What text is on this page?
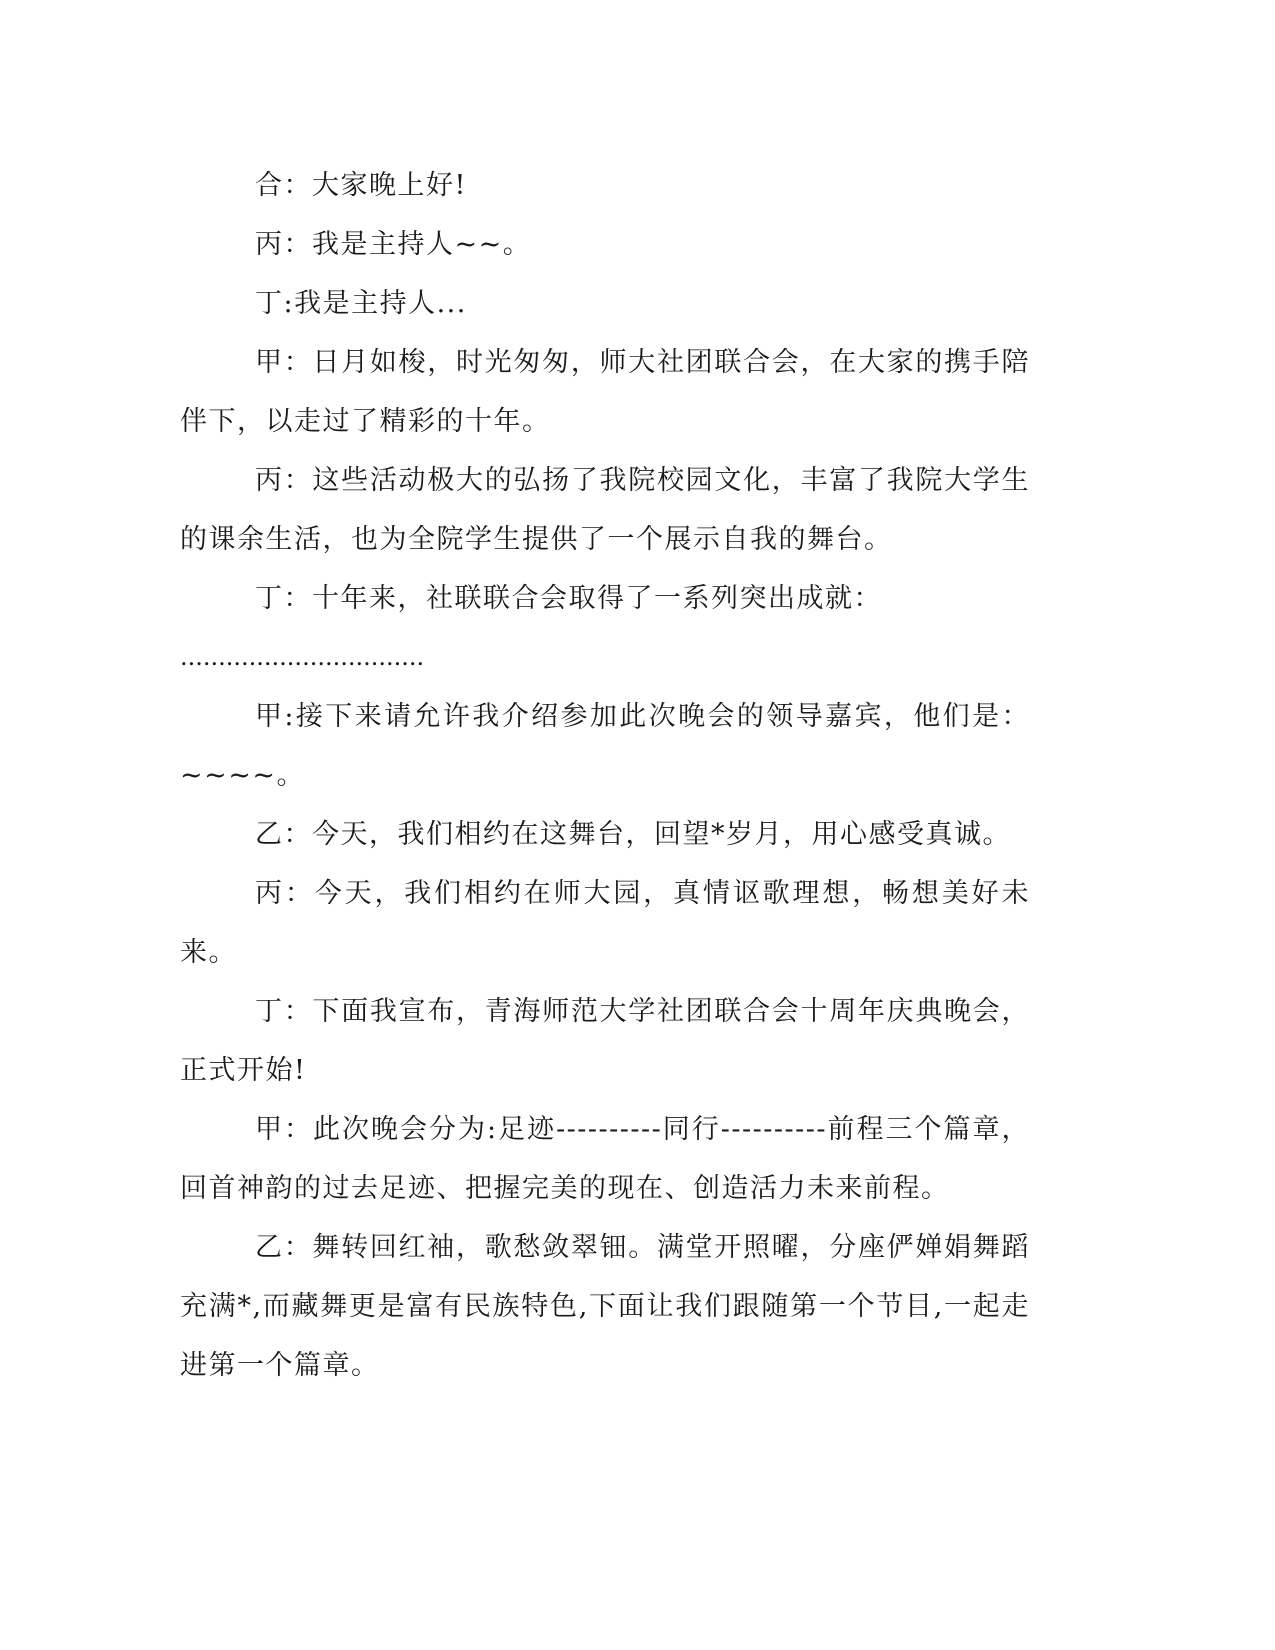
合：大家晚上好!

丙：我是主持人~~。

丁:我是主持人...

甲：日月如梭，时光匆匆，师大社团联合会，在大家的携手陪伴下，以走过了精彩的十年。

丙：这些活动极大的弘扬了我院校园文化，丰富了我院大学生的课余生活，也为全院学生提供了一个展示自我的舞台。

丁：十年来，社联联合会取得了一系列突出成就：

................................

甲:接下来请允许我介绍参加此次晚会的领导嘉宾，他们是：~~~~。

乙：今天，我们相约在这舞台，回望*岁月，用心感受真诚。

丙：今天，我们相约在师大园，真情讴歌理想，畅想美好未来。

丁：下面我宣布，青海师范大学社团联合会十周年庆典晚会，正式开始!

甲：此次晚会分为:足迹----------同行----------前程三个篇章，回首神韵的过去足迹、把握完美的现在、创造活力未来前程。

乙：舞转回红袖，歌愁敛翠钿。满堂开照曜，分座俨婵娟舞蹈充满*,而藏舞更是富有民族特色,下面让我们跟随第一个节目,一起走进第一个篇章。
